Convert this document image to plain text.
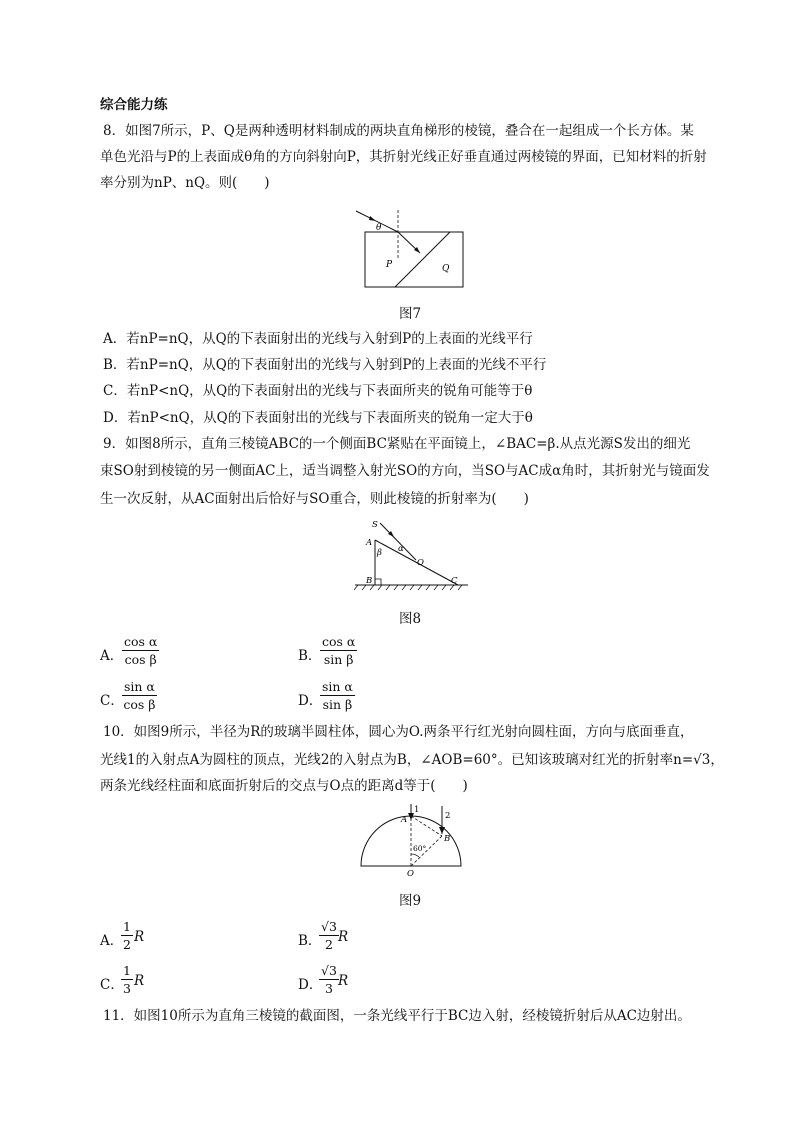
综合能力练
8．如图7所示，P、Q是两种透明材料制成的两块直角梯形的棱镜，叠合在一起组成一个长方体。某
单色光沿与P的上表面成θ角的方向斜射向P，其折射光线正好垂直通过两棱镜的界面，已知材料的折射
率分别为nP、nQ。则(　　)
θ
P	Q
图7
A．若nP=nQ，从Q的下表面射出的光线与入射到P的上表面的光线平行
B．若nP=nQ，从Q的下表面射出的光线与入射到P的上表面的光线不平行
C．若nP<nQ，从Q的下表面射出的光线与下表面所夹的锐角可能等于θ
D．若nP<nQ，从Q的下表面射出的光线与下表面所夹的锐角一定大于θ
9．如图8所示，直角三棱镜ABC的一个侧面BC紧贴在平面镜上，∠BAC=β.从点光源S发出的细光
束SO射到棱镜的另一侧面AC上，适当调整入射光SO的方向，当SO与AC成α角时，其折射光与镜面发
生一次反射，从AC面射出后恰好与SO重合，则此棱镜的折射率为(　　)
S
A
β α
O
B	C
图8
A．
$\frac{\text{cos α}}{\text{cos β}}$	B．
$\frac{\text{cos α}}{\text{sin β}}$
C．
$\frac{\text{sin α}}{\text{cos β}}$	D．
$\frac{\text{sin α}}{\text{sin β}}$
10．如图9所示，半径为R的玻璃半圆柱体，圆心为O.两条平行红光射向圆柱面，方向与底面垂直，
光线1的入射点A为圆柱的顶点，光线2的入射点为B，∠AOB=60°。已知该玻璃对红光的折射率n=√3，
两条光线经柱面和底面折射后的交点与O点的距离d等于(　　)
1
2
A
B
60°
O
图9
A．
$\frac{1}{2}$ R	B．
$\frac{√3}{2}$ R
C．
$\frac{1}{3}$ R	D．
$\frac{√3}{3}$ R
11．如图10所示为直角三棱镜的截面图，一条光线平行于BC边入射，经棱镜折射后从AC边射出。
